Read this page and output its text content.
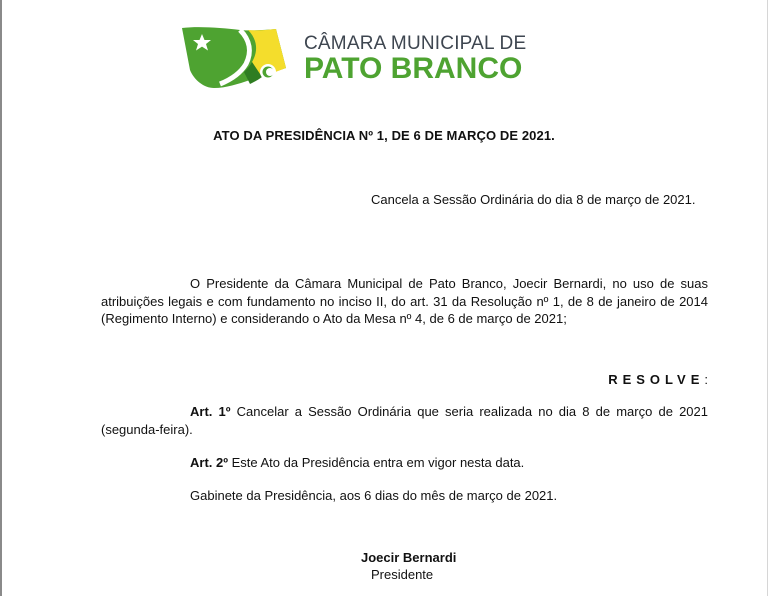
CÂMARA MUNICIPAL DE
PATO BRANCO
ATO DA PRESIDÊNCIA Nº 1, DE 6 DE MARÇO DE 2021.
Cancela a Sessão Ordinária do dia 8 de março de 2021.
O Presidente da Câmara Municipal de Pato Branco, Joecir Bernardi, no uso de suas atribuições legais e com fundamento no inciso II, do art. 31 da Resolução nº 1, de 8 de janeiro de 2014 (Regimento Interno) e considerando o Ato da Mesa nº 4, de 6 de março de 2021;
RESOLVE:
Art. 1º Cancelar a Sessão Ordinária que seria realizada no dia 8 de março de 2021 (segunda-feira).
Art. 2º Este Ato da Presidência entra em vigor nesta data.
Gabinete da Presidência, aos 6 dias do mês de março de 2021.
Joecir Bernardi
Presidente
